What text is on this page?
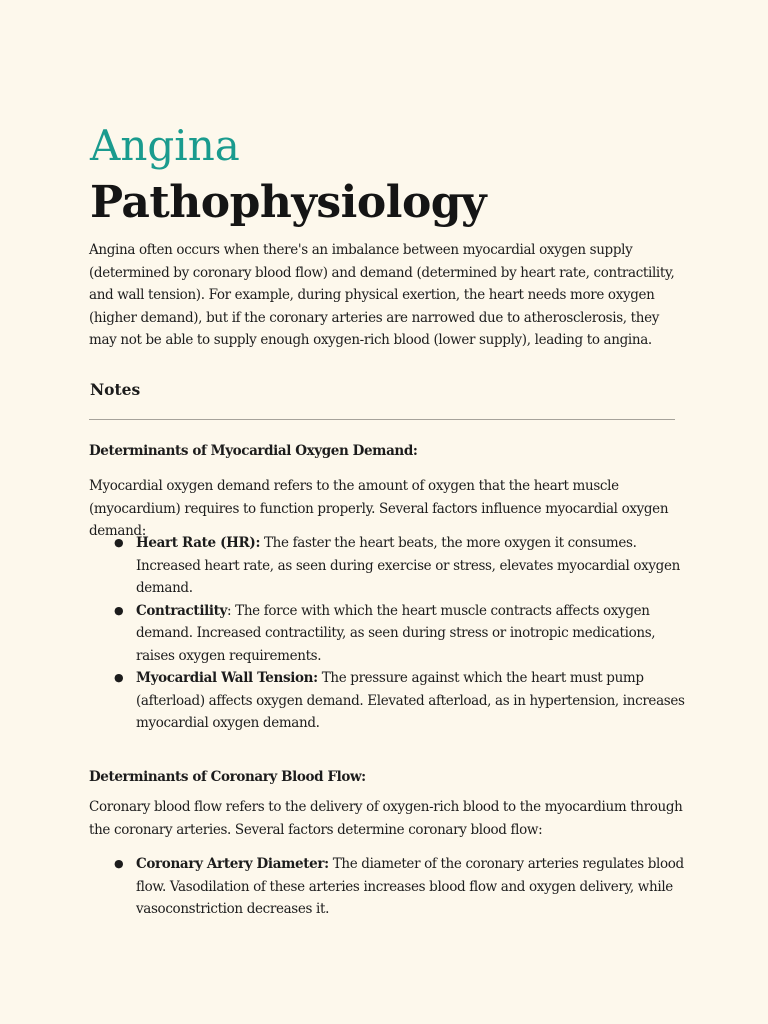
Angina
Pathophysiology

Angina often occurs when there's an imbalance between myocardial oxygen supply (determined by coronary blood flow) and demand (determined by heart rate, contractility, and wall tension). For example, during physical exertion, the heart needs more oxygen (higher demand), but if the coronary arteries are narrowed due to atherosclerosis, they may not be able to supply enough oxygen-rich blood (lower supply), leading to angina.

Notes
Determinants of Myocardial Oxygen Demand:

Myocardial oxygen demand refers to the amount of oxygen that the heart muscle (myocardium) requires to function properly. Several factors influence myocardial oxygen demand:

● Heart Rate (HR): The faster the heart beats, the more oxygen it consumes. Increased heart rate, as seen during exercise or stress, elevates myocardial oxygen demand.
● Contractility: The force with which the heart muscle contracts affects oxygen demand. Increased contractility, as seen during stress or inotropic medications, raises oxygen requirements.
● Myocardial Wall Tension: The pressure against which the heart must pump (afterload) affects oxygen demand. Elevated afterload, as in hypertension, increases myocardial oxygen demand.
Determinants of Coronary Blood Flow:

Coronary blood flow refers to the delivery of oxygen-rich blood to the myocardium through the coronary arteries. Several factors determine coronary blood flow:

● Coronary Artery Diameter: The diameter of the coronary arteries regulates blood flow. Vasodilation of these arteries increases blood flow and oxygen delivery, while vasoconstriction decreases it.
